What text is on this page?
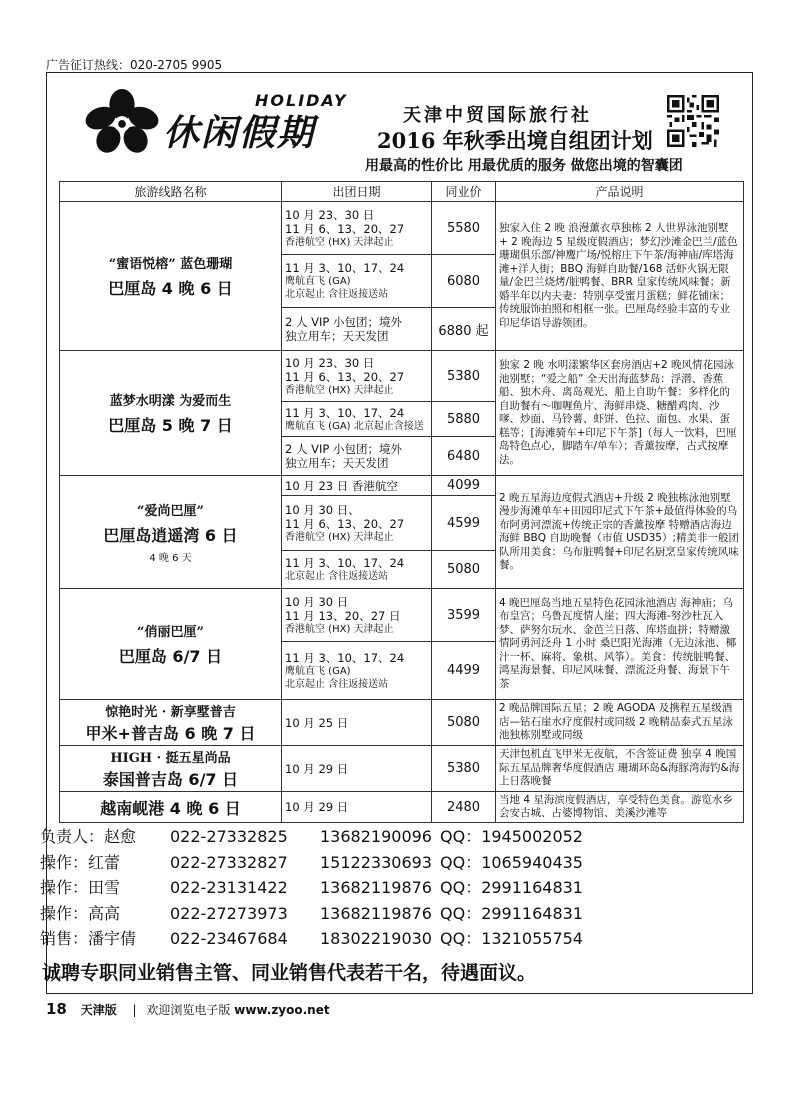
广告征订热线：020-2705 9905
HOLIDAY
休闲假期	天津中贸国际旅行社
2016 年秋季出境自组团计划
用最高的性价比 用最优质的服务 做您出境的智囊团
旅游线路名称	出团日期	同业价	产品说明

“蜜语悦榕” 蓝色珊瑚
巴厘岛 4 晚 6 日	10 月 23、30 日
11 月 6、13、20、27
香港航空 (HX) 天津起止	5580	独家入住 2 晚 浪漫薰衣草独栋 2 人世界泳池别墅 + 2 晚海边 5 星级度假酒店；梦幻沙滩金巴兰/蓝色珊瑚俱乐部/神鹰广场/悦榕庄下午茶/海神庙/库塔海滩+洋人街；BBQ 海鲜自助餐/168 活虾火锅无限量/金巴兰烧烤/脏鸭餐、BRR 皇家传统风味餐；新婚半年以内夫妻：特别享受蜜月蛋糕；鲜花铺床；传统服饰拍照和相框一张。巴厘岛经验丰富的专业印尼华语导游领团。

	11 月 3、10、17、24
鹰航直飞 (GA)
北京起止 含往返接送站	6080	

	2 人 VIP 小包团；境外
独立用车；天天发团	6880 起	

蓝梦水明漾 为爱而生
巴厘岛 5 晚 7 日	10 月 23、30 日
11 月 6、13、20、27
香港航空 (HX) 天津起止	5380	独家 2 晚 水明漾繁华区套房酒店+2 晚风情花园泳池别墅；“爱之船” 全天出海蓝梦岛：浮潜、香蕉船、独木舟、离岛观光、船上自助午餐：多样化的自助餐有～咖喱鱼片、海鲜串烧、糖醋鸡肉、沙嗲、炒面、马铃薯、虾饼、色拉、面包、水果、蛋糕等；[海滩骑车+印尼下午茶]（每人一饮料，巴厘岛特色点心，脚踏车/单车）；香薰按摩，古式按摩法。

	11 月 3、10、17、24
鹰航直飞 (GA) 北京起止含接送	5880	

	2 人 VIP 小包团；境外
独立用车；天天发团	6480	

“爱尚巴厘”
巴厘岛逍遥湾 6 日
4 晚 6 天	10 月 23 日 香港航空	4099	2 晚五星海边度假式酒店+升级 2 晚独栋泳池别墅 漫步海滩单车+田园印尼式下午茶+最值得体验的乌布阿勇河漂流+传统正宗的香薰按摩 特赠酒店海边海鲜 BBQ 自助晚餐（市值 USD35）;精美非一般团队所用美食：乌布脏鸭餐+印尼名厨烹皇家传统风味餐。

	10 月 30 日、
11 月 6、13、20、27
香港航空 (HX) 天津起止	4599	

	11 月 3、10、17、24
北京起止 含往返接送站	5080	

“俏丽巴厘”
巴厘岛 6/7 日	10 月 30 日
11 月 13、20、27 日
香港航空 (HX) 天津起止	3599	4 晚巴厘岛当地五星特色花园泳池酒店 海神庙；乌布皇宫；乌鲁瓦度情人崖；四大海滩-努沙杜瓦入梦、萨努尔玩水、金芭兰日落、库塔血拼；特赠激情阿勇河泛舟 1 小时 桑巴阳光海滩（无边泳池、椰汁一杯、麻将、象棋、风筝）。美食：传统脏鸭餐、鸿星海景餐、印尼风味餐、漂流泛舟餐、海景下午茶

	11 月 3、10、17、24
鹰航直飞 (GA)
北京起止 含往返接送站	4499	

惊艳时光 · 新享墅普吉
甲米+普吉岛 6 晚 7 日	10 月 25 日	5080	2 晚品牌国际五星；2 晚 AGODA 及携程五星级酒店—钻石崖水疗度假村或同级 2 晚精品泰式五星泳池独栋别墅或同级

HIGH · 挺五星尚品
泰国普吉岛 6/7 日	10 月 29 日	5380	天津包机直飞甲米无夜航，不含签证费 独享 4 晚国际五星品牌奢华度假酒店 珊瑚环岛&海豚湾海钓&海上日落晚餐

越南岘港 4 晚 6 日	10 月 29 日	2480	当地 4 星海滨度假酒店，享受特色美食。游览水乡会安古城、占婆博物馆、美溪沙滩等
负责人：赵愈 022-27332825 13682190096 QQ：1945002052
操作：红蕾	022-27332827 15122330693 QQ：1065940435
操作：田雪	022-23131422 13682119876 QQ：2991164831
操作：高高	022-27273973 13682119876 QQ：2991164831
销售：潘宇倩 022-23467684 18302219030 QQ：1321055754
诚聘专职同业销售主管、同业销售代表若干名，待遇面议。
18 天津版 | 欢迎浏览电子版 www.zyoo.net
